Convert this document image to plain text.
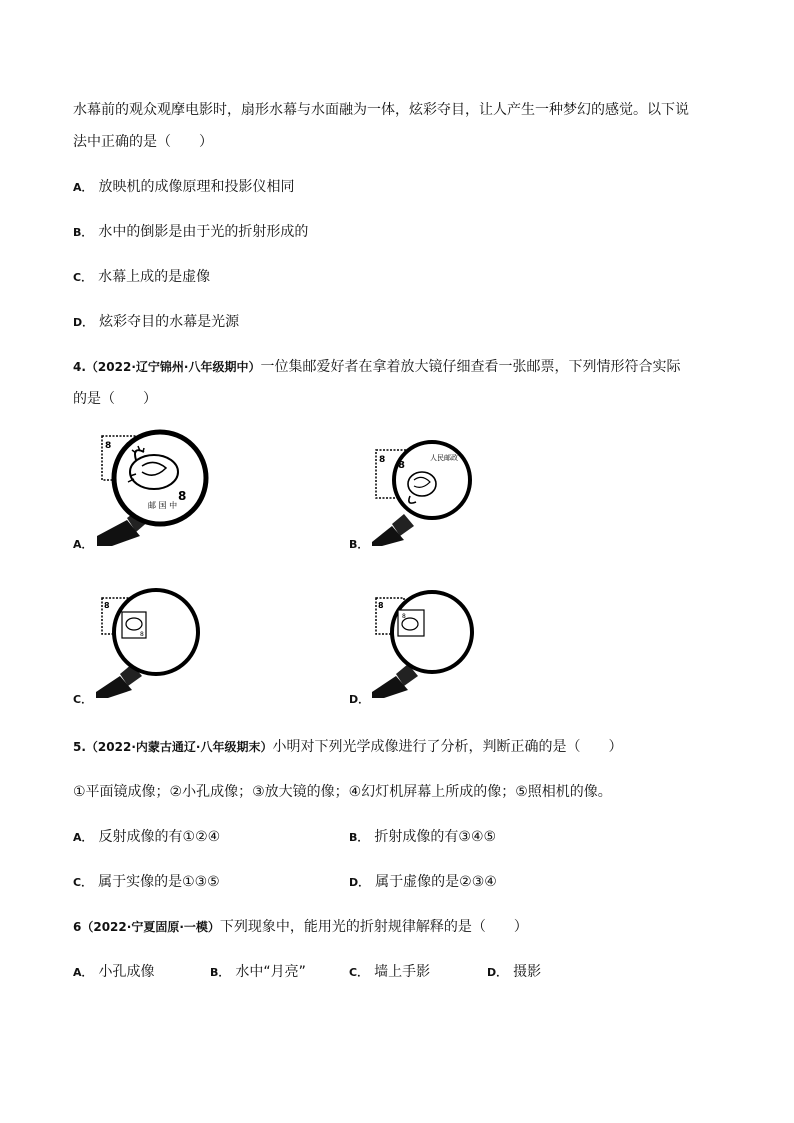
水幕前的观众观摩电影时，扇形水幕与水面融为一体，炫彩夺目，让人产生一种梦幻的感觉。以下说
法中正确的是（　　）
A． 放映机的成像原理和投影仪相同
B． 水中的倒影是由于光的折射形成的
C． 水幕上成的是虚像
D． 炫彩夺目的水幕是光源
4.（2022·辽宁锦州·八年级期中）一位集邮爱好者在拿着放大镜仔细查看一张邮票，下列情形符合实际
的是（　　）
8
邮 国 中
8
A．
8	人民邮政
8
B．
8
8
C．
8
8
D．
5.（2022·内蒙古通辽·八年级期末）小明对下列光学成像进行了分析，判断正确的是（　　）
①平面镜成像；②小孔成像；③放大镜的像；④幻灯机屏幕上所成的像；⑤照相机的像。
A． 反射成像的有①②④	B． 折射成像的有③④⑤
C． 属于实像的是①③⑤	D． 属于虚像的是②③④
6（2022·宁夏固原·一模）下列现象中，能用光的折射规律解释的是（　　）
A． 小孔成像	B． 水中“月亮”	C． 墙上手影	D． 摄影
